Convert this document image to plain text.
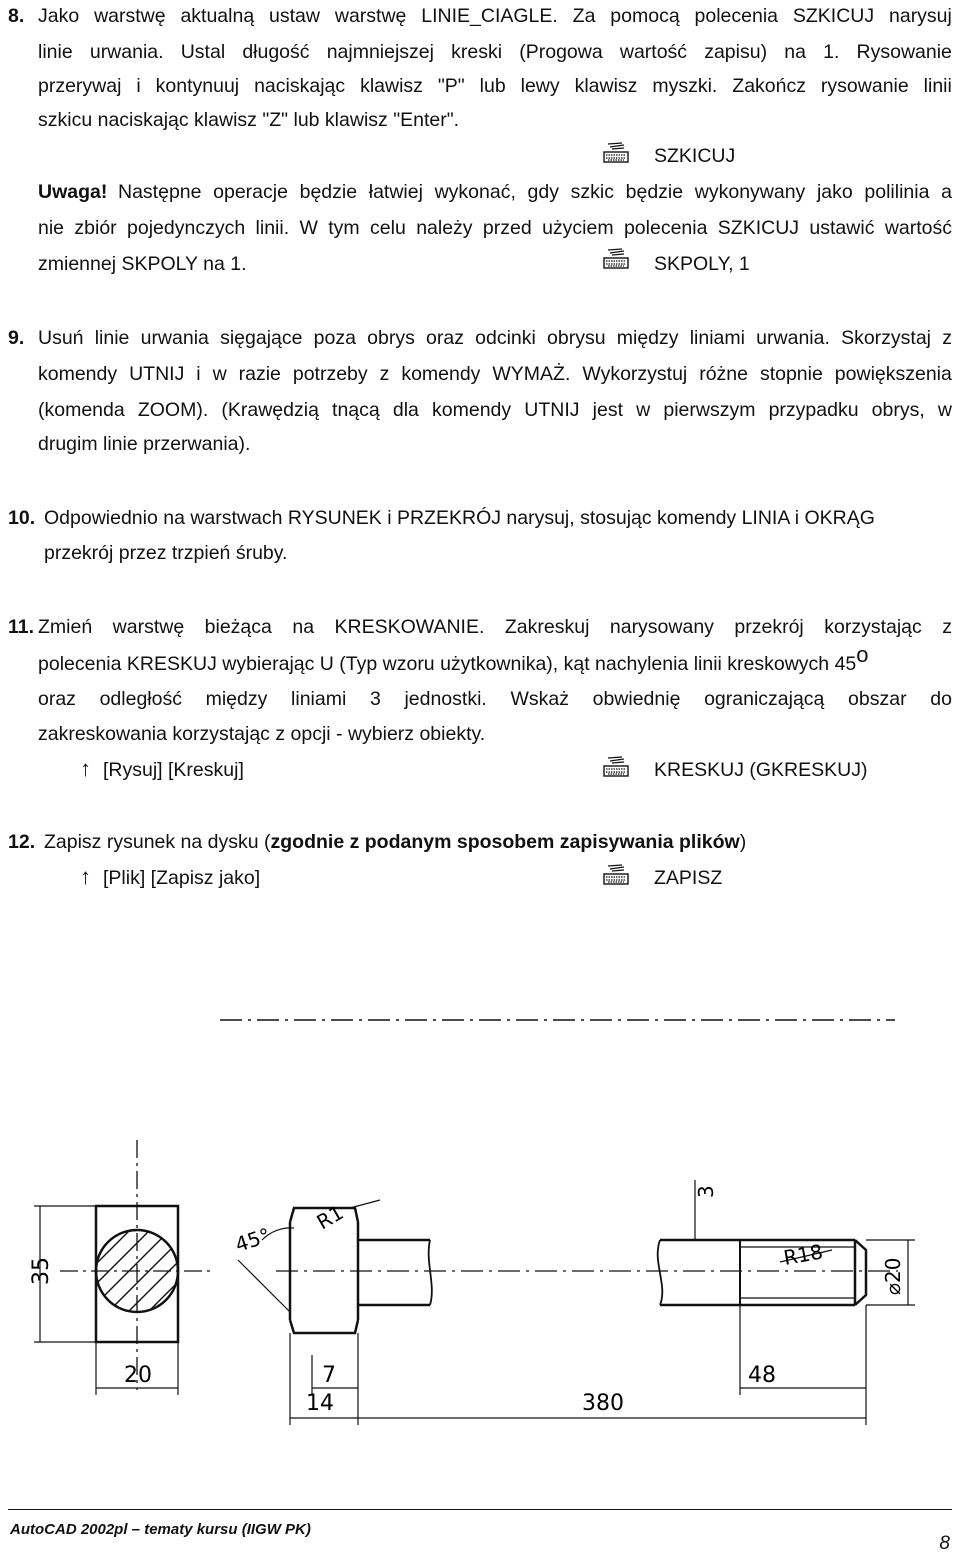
8. Jako warstwę aktualną ustaw warstwę LINIE_CIAGLE. Za pomocą polecenia SZKICUJ narysuj
linie urwania. Ustal długość najmniejszej kreski (Progowa wartość zapisu) na 1. Rysowanie
przerywaj i kontynuuj naciskając klawisz "P" lub lewy klawisz myszki. Zakończ rysowanie linii
szkicu naciskając klawisz "Z" lub klawisz "Enter".
SZKICUJ
Uwaga! Następne operacje będzie łatwiej wykonać, gdy szkic będzie wykonywany jako polilinia a
nie zbiór pojedynczych linii. W tym celu należy przed użyciem polecenia SZKICUJ ustawić wartość
zmiennej SKPOLY na 1.	SKPOLY, 1
9. Usuń linie urwania sięgające poza obrys oraz odcinki obrysu między liniami urwania. Skorzystaj z
komendy UTNIJ i w razie potrzeby z komendy WYMAŻ. Wykorzystuj różne stopnie powiększenia
(komenda ZOOM). (Krawędzią tnącą dla komendy UTNIJ jest w pierwszym przypadku obrys, w
drugim linie przerwania).
10. Odpowiednio na warstwach RYSUNEK i PRZEKRÓJ narysuj, stosując komendy LINIA i OKRĄG
przekrój przez trzpień śruby.
11. Zmień warstwę bieżąca na KRESKOWANIE. Zakreskuj narysowany przekrój korzystając z
polecenia KRESKUJ wybierając U (Typ wzoru użytkownika), kąt nachylenia linii kreskowych 45o
oraz odległość między liniami 3 jednostki. Wskaż obwiednię ograniczającą obszar do
zakreskowania korzystając z opcji - wybierz obiekty.
↑ [Rysuj] [Kreskuj]	KRESKUJ (GKRESKUJ)
12. Zapisz rysunek na dysku (zgodnie z podanym sposobem zapisywania plików)
↑ [Plik] [Zapisz jako]	ZAPISZ
35
20
45°
R1
3
R18
⌀20
7
14	380
48
AutoCAD 2002pl – tematy kursu (IIGW PK)
8
